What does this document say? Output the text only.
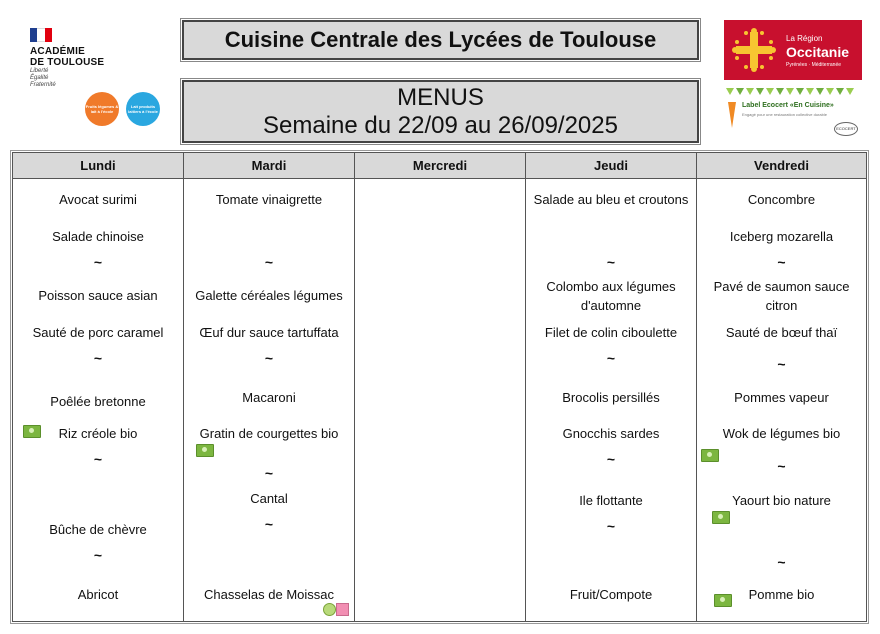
ACADÉMIE
DE TOULOUSE
Liberté
Égalité
Fraternité
Fruits légumes & lait à l'école
Lait produits laitiers à l'école
Cuisine Centrale des Lycées de Toulouse
MENUS
Semaine du 22/09 au 26/09/2025
La Région
Occitanie
Pyrénées · Méditerranée
Label Ecocert «En Cuisine»
Engagé pour une restauration collective durable
ECOCERT
Lundi
Avocat surimi
Salade chinoise
~
Poisson sauce asian
Sauté de porc caramel
~
Poêlée bretonne
Riz créole bio
~
Bûche de chèvre
~
Abricot
Mardi
Tomate vinaigrette
~
Galette céréales légumes
Œuf dur sauce tartuffata
~
Macaroni
Gratin de courgettes bio
~
Cantal
~
Chasselas de Moissac
Mercredi	Jeudi
Salade au bleu et croutons
~
Colombo aux légumes
d'automne
Filet de colin ciboulette
~
Brocolis persillés
Gnocchis sardes
~
Ile flottante
~
Fruit/Compote
Vendredi
Concombre
Iceberg mozarella
~
Pavé de saumon sauce
citron
Sauté de bœuf thaï
~
Pommes vapeur
Wok de légumes bio
~
Yaourt bio nature
~
Pomme bio
